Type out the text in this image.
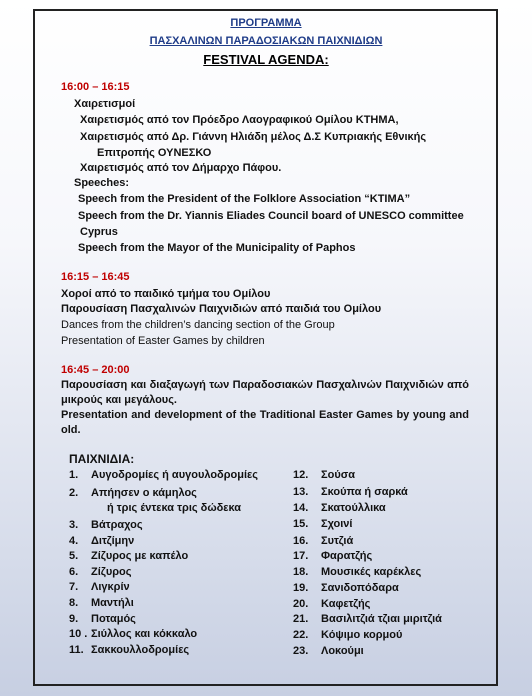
ΠΡΟΓΡΑΜΜΑ
ΠΑΣΧΑΛΙΝΩΝ ΠΑΡΑΔΟΣΙΑΚΩΝ ΠΑΙΧΝΙΔΙΩΝ
FESTIVAL AGENDA:
16:00 – 16:15
Χαιρετισμοί
Χαιρετισμός από τον Πρόεδρο Λαογραφικού Ομίλου ΚΤΗΜΑ,
Χαιρετισμός από Δρ. Γιάννη Ηλιάδη μέλος Δ.Σ Κυπριακής Εθνικής
Επιτροπής ΟΥΝΕΣΚΟ
Χαιρετισμός από τον Δήμαρχο Πάφου.
Speeches:
Speech from the President of the Folklore Association “KTIMA”
Speech from the Dr. Yiannis Eliades Council board of UNESCO committee
Cyprus
Speech from the Mayor of the Municipality of Paphos
16:15 – 16:45
Χοροί από το παιδικό τμήμα του Ομίλου
Παρουσίαση Πασχαλινών Παιχνιδιών από παιδιά του Ομίλου
Dances from the children’s dancing section of the Group
Presentation of Easter Games by children
16:45 – 20:00
Παρουσίαση και διαξαγωγή των Παραδοσιακών Πασχαλινών Παιχνιδιών από μικρούς και μεγάλους.
Presentation and development of the Traditional Easter Games by young and old.
ΠΑΙΧΝΙΔΙΑ:
1. Αυγοδρομίες ή αυγουλοδρομίες
2. Απήησεν ο κάμηλος
ή τρις έντεκα τρις δώδεκα
3. Βάτραχος
4. Διτζίμην
5. Ζίζυρος με καπέλο
6. Ζίζυρος
7. Λιγκρίν
8. Μαντήλι
9. Ποταμός
10 . Σιύλλος και κόκκαλο
11. Σακκουλλοδρομίες
12. Σούσα
13. Σκούπα ή σαρκά
14. Σκατούλλικα
15. Σχοινί
16. Συτζιά
17. Φαρατζής
18. Μουσικές καρέκλες
19. Σανιδοπόδαρα
20. Καφετζής
21. Βασιλιτζιά τζιαι μιριτζιά
22. Κόψιμο κορμού
23. Λοκούμι
